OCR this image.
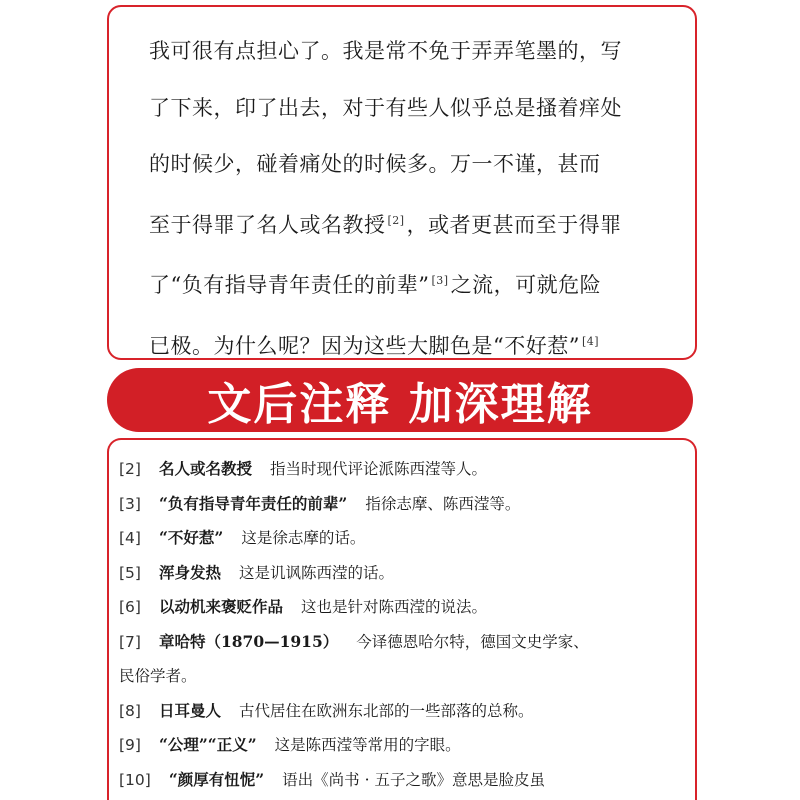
我可很有点担心了。我是常不免于弄弄笔墨的，写
了下来，印了出去，对于有些人似乎总是搔着痒处
的时候少，碰着痛处的时候多。万一不谨，甚而
至于得罪了名人或名教授 [2]，或者更甚而至于得罪
了“负有指导青年责任的前辈” [3]之流，可就危险
已极。为什么呢？因为这些大脚色是“不好惹” [4]
文后注释 加深理解
[2] 名人或名教授 指当时现代评论派陈西滢等人。
[3] “负有指导青年责任的前辈” 指徐志摩、陈西滢等。
[4] “不好惹” 这是徐志摩的话。
[5] 浑身发热 这是讥讽陈西滢的话。
[6] 以动机来褒贬作品 这也是针对陈西滢的说法。
[7] 章哈特（1870—1915） 今译德恩哈尔特，德国文史学家、
民俗学者。
[8] 日耳曼人 古代居住在欧洲东北部的一些部落的总称。
[9] “公理”“正义” 这是陈西滢等常用的字眼。
[10] “颜厚有忸怩” 语出《尚书 · 五子之歌》意思是脸皮虽
